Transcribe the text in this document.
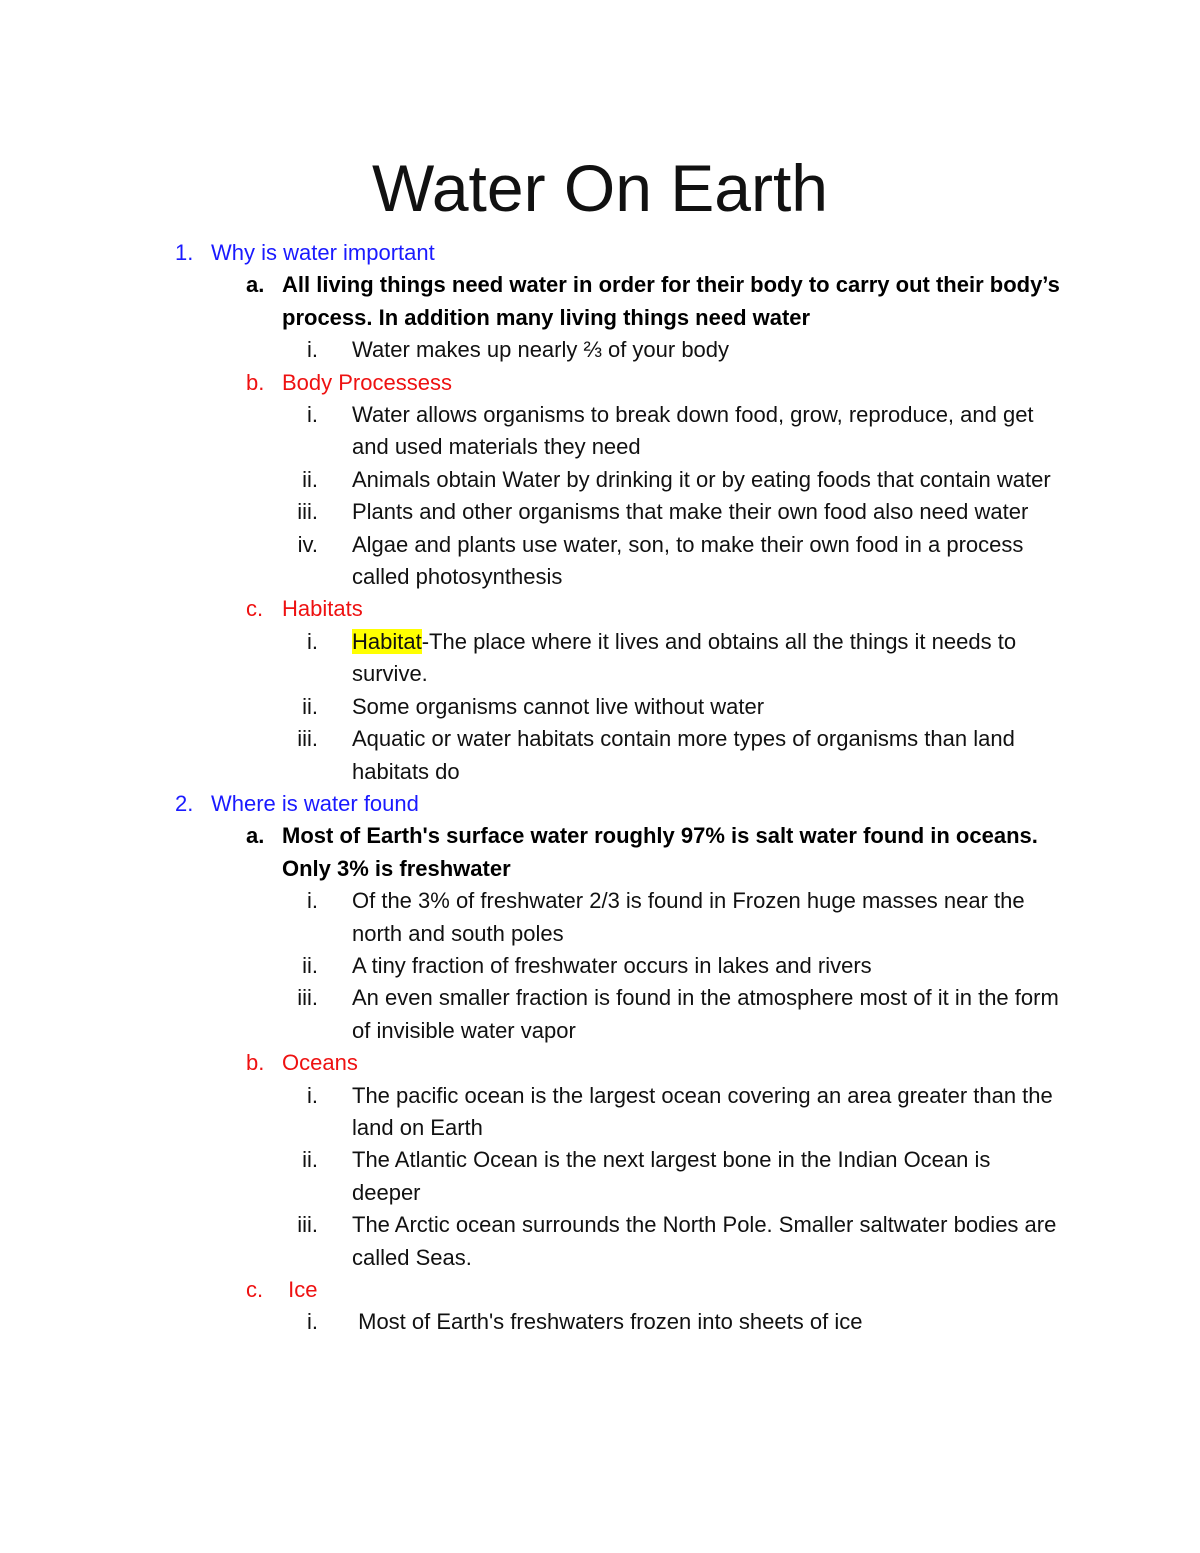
Water On Earth
1. Why is water important
a. All living things need water in order for their body to carry out their body’s process. In addition many living things need water
i. Water makes up nearly ⅔ of your body
b. Body Processess
i. Water allows organisms to break down food, grow, reproduce, and get and used materials they need
ii. Animals obtain Water by drinking it or by eating foods that contain water
iii. Plants and other organisms that make their own food also need water
iv. Algae and plants use water, son, to make their own food in a process called photosynthesis
c. Habitats
i. Habitat-The place where it lives and obtains all the things it needs to survive.
ii. Some organisms cannot live without water
iii. Aquatic or water habitats contain more types of organisms than land habitats do
2. Where is water found
a. Most of Earth's surface water roughly 97% is salt water found in oceans. Only 3% is freshwater
i. Of the 3% of freshwater 2/3 is found in Frozen huge masses near the north and south poles
ii. A tiny fraction of freshwater occurs in lakes and rivers
iii. An even smaller fraction is found in the atmosphere most of it in the form of invisible water vapor
b. Oceans
i. The pacific ocean is the largest ocean covering an area greater than the land on Earth
ii. The Atlantic Ocean is the next largest bone in the Indian Ocean is deeper
iii. The Arctic ocean surrounds the North Pole. Smaller saltwater bodies are called Seas.
c. Ice
i. Most of Earth's freshwaters frozen into sheets of ice
